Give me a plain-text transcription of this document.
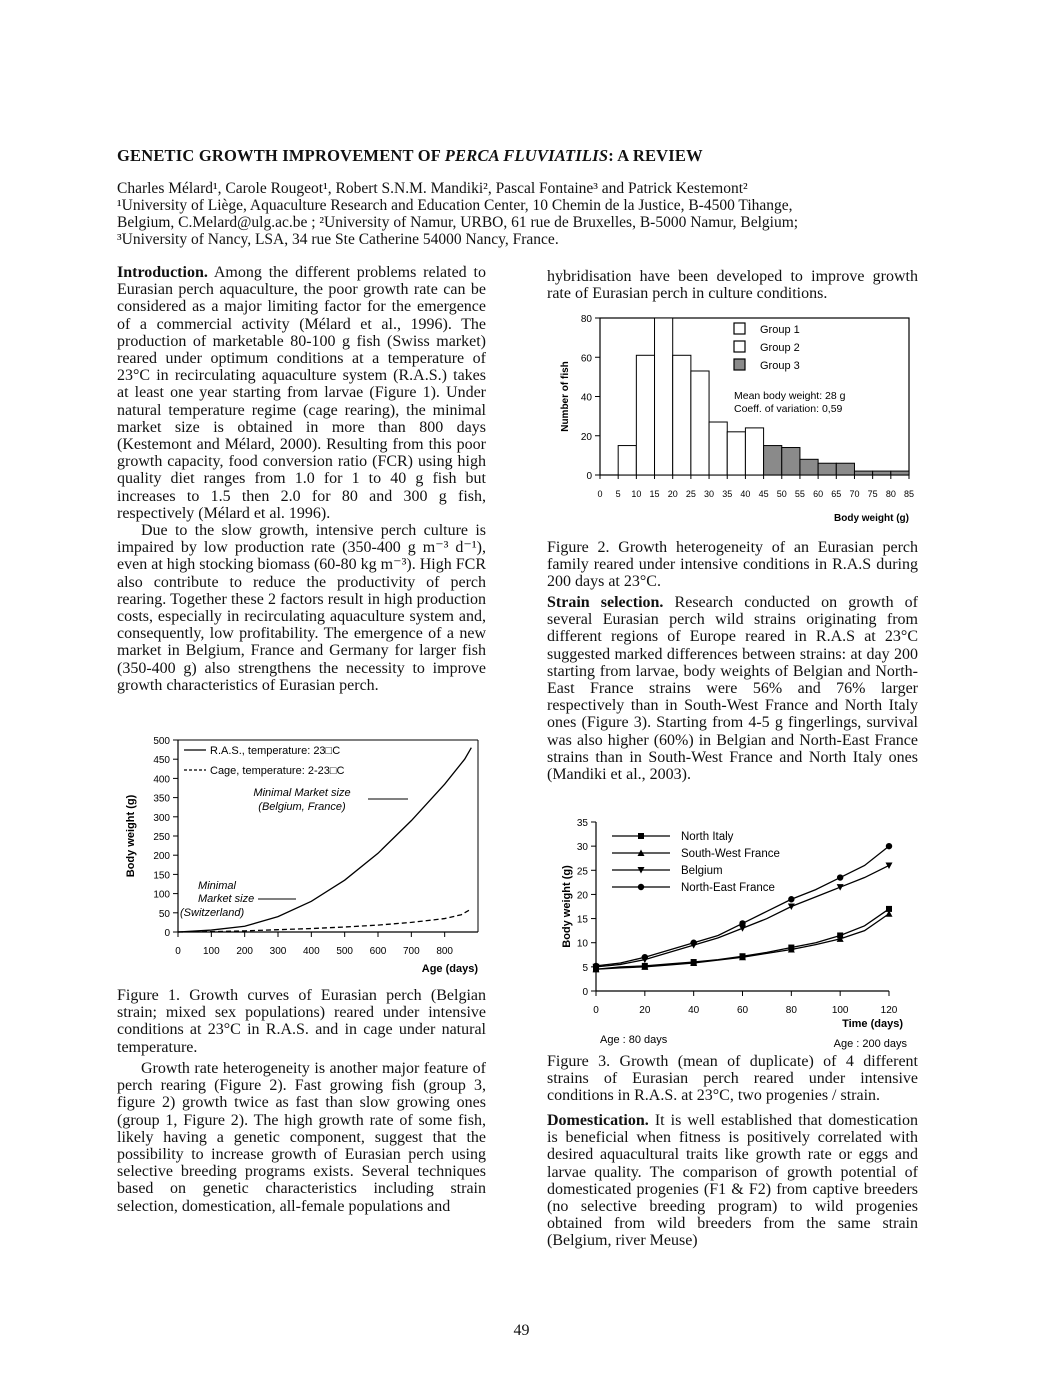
GENETIC GROWTH IMPROVEMENT OF PERCA FLUVIATILIS: A REVIEW
Charles Mélard¹, Carole Rougeot¹, Robert S.N.M. Mandiki², Pascal Fontaine³ and Patrick Kestemont²
¹University of Liège, Aquaculture Research and Education Center, 10 Chemin de la Justice, B-4500 Tihange,
Belgium, C.Melard@ulg.ac.be ; ²University of Namur, URBO, 61 rue de Bruxelles, B-5000 Namur, Belgium;
³University of Nancy, LSA, 34 rue Ste Catherine 54000 Nancy, France.

Introduction. Among the different problems related to Eurasian perch aquaculture, the poor growth rate can be considered as a major limiting factor for the emergence of a commercial activity (Mélard et al., 1996). The production of marketable 80-100 g fish (Swiss market) reared under optimum conditions at a temperature of 23°C in recirculating aquaculture system (R.A.S.) takes at least one year starting from larvae (Figure 1). Under natural temperature regime (cage rearing), the minimal market size is obtained in more than 800 days (Kestemont and Mélard, 2000). Resulting from this poor growth capacity, food conversion ratio (FCR) using high quality diet ranges from 1.0 for 1 to 40 g fish but increases to 1.5 then 2.0 for 80 and 300 g fish, respectively (Mélard et al. 1996).

Due to the slow growth, intensive perch culture is impaired by low production rate (350-400 g m⁻³ d⁻¹), even at high stocking biomass (60-80 kg m⁻³). High FCR also contribute to reduce the productivity of perch rearing. Together these 2 factors result in high production costs, especially in recirculating aquaculture system and, consequently, low profitability. The emergence of a new market in Belgium, France and Germany for larger fish (350-400 g) also strengthens the necessity to improve growth characteristics of Eurasian perch.

0
50
100
150
200
250
300
350
400
450
500
0 100 200 300 400 500 600 700 800
Age (days)
Body weight (g)
R.A.S., temperature: 23□C
Cage, temperature: 2-23□C
Minimal Market size
(Belgium, France)
Minimal
Market size
(Switzerland)
Figure 1. Growth curves of Eurasian perch (Belgian strain; mixed sex populations) reared under intensive conditions at 23°C in R.A.S. and in cage under natural temperature.

Growth rate heterogeneity is another major feature of perch rearing (Figure 2). Fast growing fish (group 3, figure 2) growth twice as fast than slow growing ones (group 1, Figure 2). The high growth rate of some fish, likely having a genetic component, suggest that the possibility to increase growth of Eurasian perch using selective breeding programs exists. Several techniques based on genetic characteristics including strain selection, domestication, all-female populations and

hybridisation have been developed to improve growth rate of Eurasian perch in culture conditions.

0
20
40
60
80
0 5 10 15 20 25 30 35 40 45 50 55 60 65 70 75 80 85
Body weight (g)
Number of fish
Group 1
Group 2
Group 3
Mean body weight: 28 g
Coeff. of variation: 0,59
Figure 2. Growth heterogeneity of an Eurasian perch family reared under intensive conditions in R.A.S during 200 days at 23°C.

Strain selection. Research conducted on growth of several Eurasian perch wild strains originating from different regions of Europe reared in R.A.S at 23°C suggested marked differences between strains: at day 200 starting from larvae, body weights of Belgian and North-East France strains were 56% and 76% larger respectively than in South-West France and North Italy ones (Figure 3). Starting from 4-5 g fingerlings, survival was also higher (60%) in Belgian and North-East France strains than in South-West France and North Italy ones (Mandiki et al., 2003).

0
5
10
15
20
25
30
35
0	20	40	60	80	100	120
Time (days)
Age : 80 days	Age : 200 days
Body weight (g)
North Italy
South-West France
Belgium
North-East France
Figure 3. Growth (mean of duplicate) of 4 different strains of Eurasian perch reared under intensive conditions in R.A.S. at 23°C, two progenies / strain.

Domestication. It is well established that domestication is beneficial when fitness is positively correlated with desired aquacultural traits like growth rate or eggs and larvae quality. The comparison of growth potential of domesticated progenies (F1 & F2) from captive breeders (no selective breeding program) to wild progenies obtained from wild breeders from the same strain (Belgium, river Meuse)

49
